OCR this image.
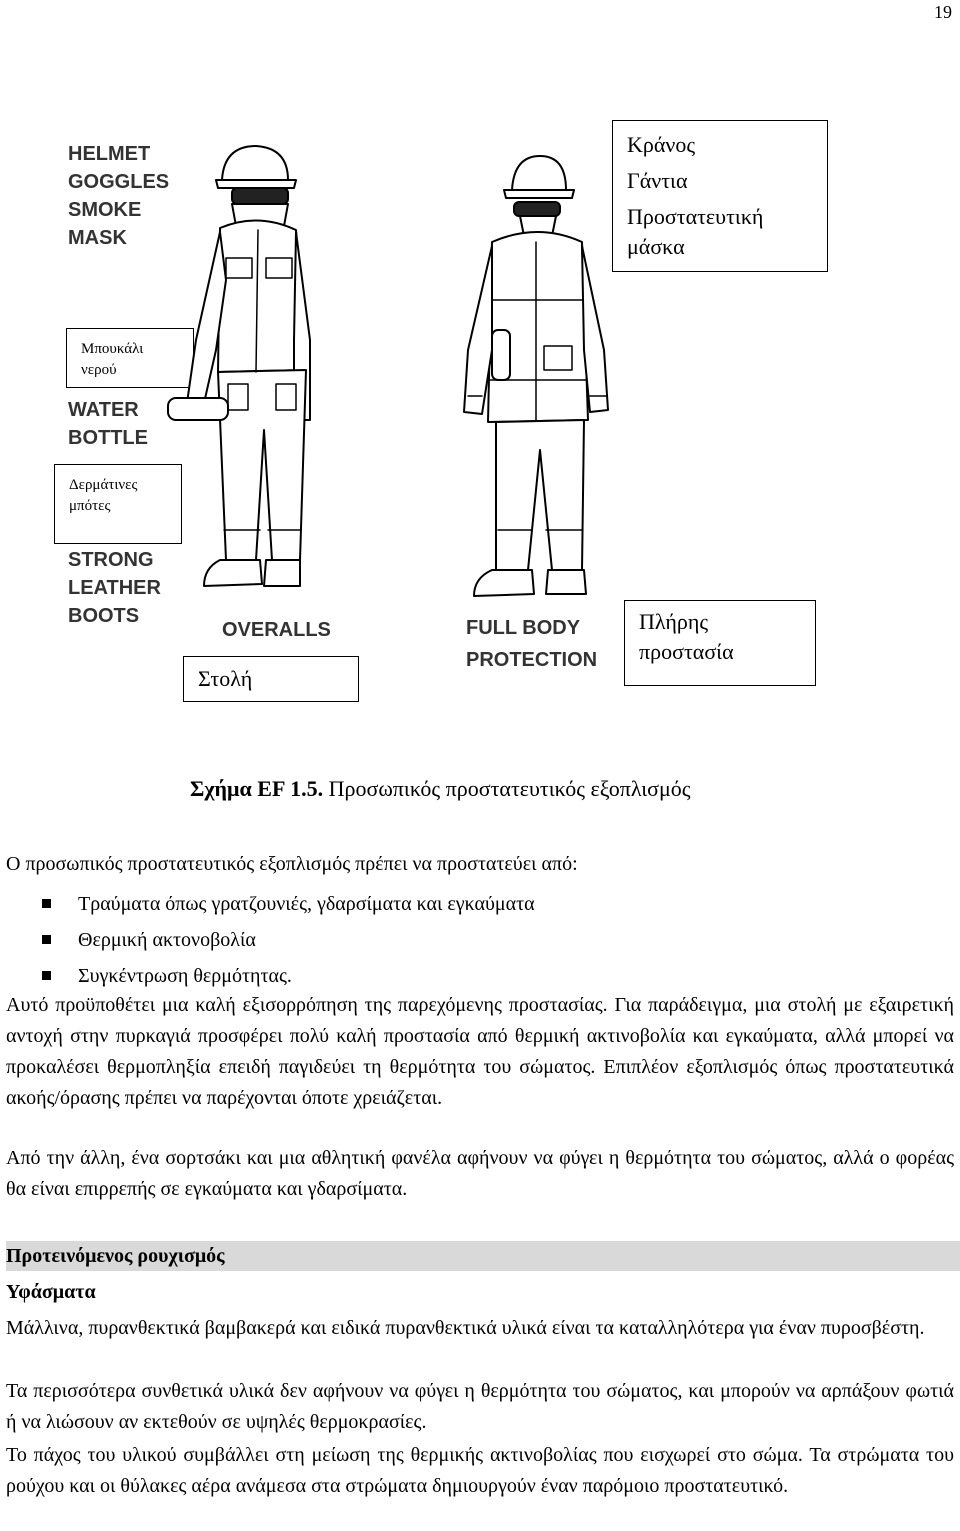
19
HELMET
GOGGLES
SMOKE
MASK
Μπουκάλι
νερού
WATER
BOTTLE
Δερμάτινες
μπότες
STRONG
LEATHER
BOOTS
OVERALLS	FULL BODY
PROTECTION
Κράνος
Γάντια
Προστατευτική
μάσκα
Στολή
Πλήρης
προστασία
Σχήμα EF 1.5. Προσωπικός προστατευτικός εξοπλισμός
Ο προσωπικός προστατευτικός εξοπλισμός πρέπει να προστατεύει από:
Τραύματα όπως γρατζουνιές, γδαρσίματα και εγκαύματα
Θερμική ακτονοβολία
Συγκέντρωση θερμότητας.
Αυτό προϋποθέτει μια καλή εξισορρόπηση της παρεχόμενης προστασίας. Για παράδειγμα, μια στολή με εξαιρετική αντοχή στην πυρκαγιά προσφέρει πολύ καλή προστασία από θερμική ακτινοβολία και εγκαύματα, αλλά μπορεί να προκαλέσει θερμοπληξία επειδή παγιδεύει τη θερμότητα του σώματος. Επιπλέον εξοπλισμός όπως προστατευτικά ακοής/όρασης πρέπει να παρέχονται όποτε χρειάζεται.
Από την άλλη, ένα σορτσάκι και μια αθλητική φανέλα αφήνουν να φύγει η θερμότητα του σώματος, αλλά ο φορέας θα είναι επιρρεπής σε εγκαύματα και γδαρσίματα.
Προτεινόμενος ρουχισμός
Υφάσματα
Μάλλινα, πυρανθεκτικά βαμβακερά και ειδικά πυρανθεκτικά υλικά είναι τα καταλληλότερα για έναν πυροσβέστη.
Τα περισσότερα συνθετικά υλικά δεν αφήνουν να φύγει η θερμότητα του σώματος, και μπορούν να αρπάξουν φωτιά ή να λιώσουν αν εκτεθούν σε υψηλές θερμοκρασίες.
Το πάχος του υλικού συμβάλλει στη μείωση της θερμικής ακτινοβολίας που εισχωρεί στο σώμα. Τα στρώματα του ρούχου και οι θύλακες αέρα ανάμεσα στα στρώματα δημιουργούν έναν παρόμοιο προστατευτικό.
